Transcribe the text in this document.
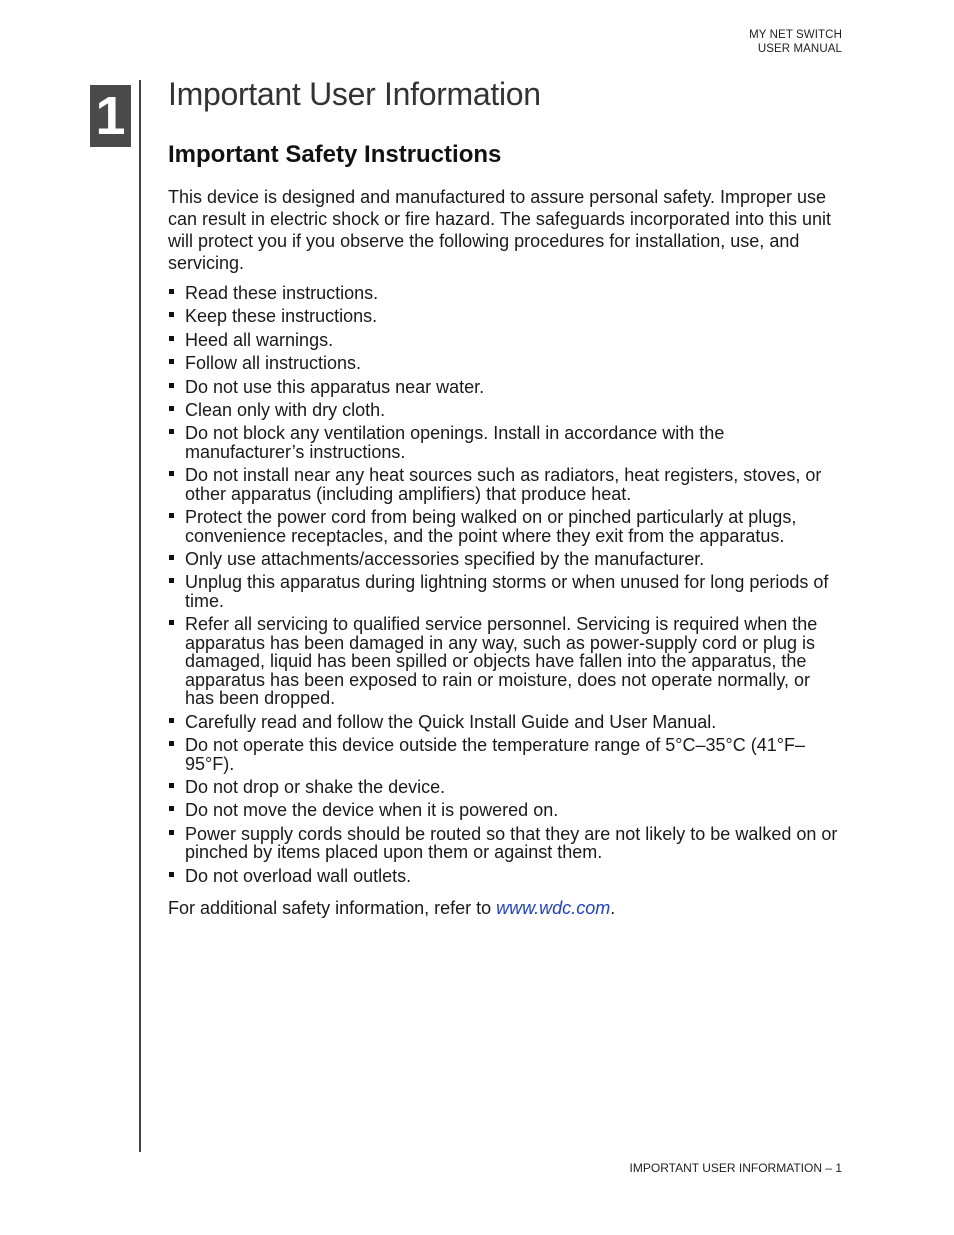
MY NET SWITCH
USER MANUAL
1 Important User Information
Important Safety Instructions

This device is designed and manufactured to assure personal safety. Improper use can result in electric shock or fire hazard. The safeguards incorporated into this unit will protect you if you observe the following procedures for installation, use, and servicing.

Read these instructions.
Keep these instructions.
Heed all warnings.
Follow all instructions.
Do not use this apparatus near water.
Clean only with dry cloth.
Do not block any ventilation openings. Install in accordance with the manufacturer’s instructions.
Do not install near any heat sources such as radiators, heat registers, stoves, or other apparatus (including amplifiers) that produce heat.
Protect the power cord from being walked on or pinched particularly at plugs, convenience receptacles, and the point where they exit from the apparatus.
Only use attachments/accessories specified by the manufacturer.
Unplug this apparatus during lightning storms or when unused for long periods of time.
Refer all servicing to qualified service personnel. Servicing is required when the apparatus has been damaged in any way, such as power-supply cord or plug is damaged, liquid has been spilled or objects have fallen into the apparatus, the apparatus has been exposed to rain or moisture, does not operate normally, or has been dropped.
Carefully read and follow the Quick Install Guide and User Manual.
Do not operate this device outside the temperature range of 5°C–35°C (41°F–95°F).
Do not drop or shake the device.
Do not move the device when it is powered on.
Power supply cords should be routed so that they are not likely to be walked on or pinched by items placed upon them or against them.
Do not overload wall outlets.

For additional safety information, refer to www.wdc.com.

IMPORTANT USER INFORMATION – 1
